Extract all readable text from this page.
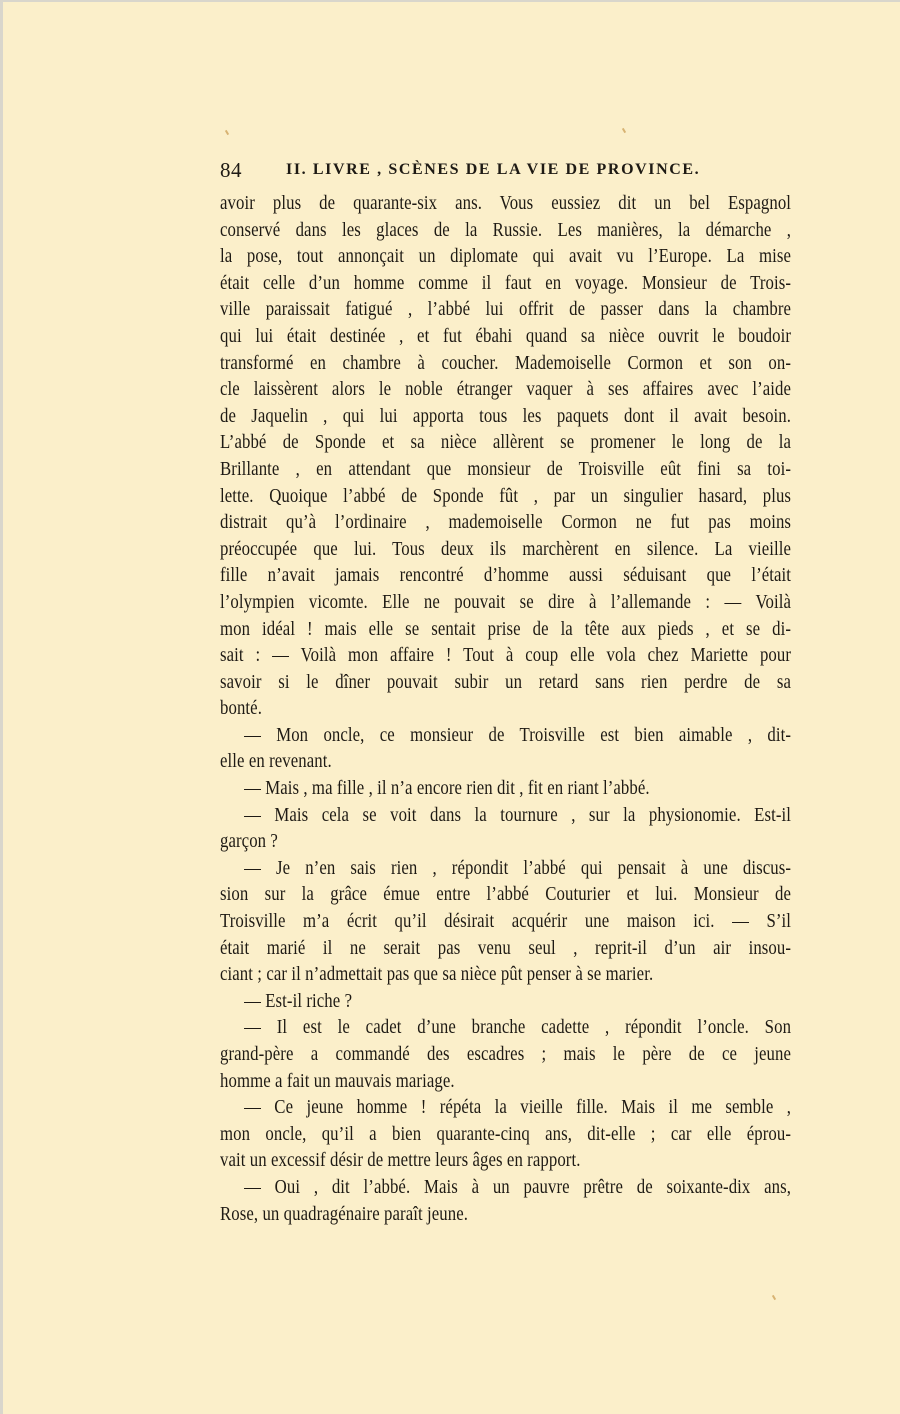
84	II. LIVRE , SCÈNES DE LA VIE DE PROVINCE.
avoir plus de quarante-six ans. Vous eussiez dit un bel Espagnol
conservé dans les glaces de la Russie. Les manières, la démarche ,
la pose, tout annonçait un diplomate qui avait vu l’Europe. La mise
était celle d’un homme comme il faut en voyage. Monsieur de Trois-
ville paraissait fatigué , l’abbé lui offrit de passer dans la chambre
qui lui était destinée , et fut ébahi quand sa nièce ouvrit le boudoir
transformé en chambre à coucher. Mademoiselle Cormon et son on-
cle laissèrent alors le noble étranger vaquer à ses affaires avec l’aide
de Jaquelin , qui lui apporta tous les paquets dont il avait besoin.
L’abbé de Sponde et sa nièce allèrent se promener le long de la
Brillante , en attendant que monsieur de Troisville eût fini sa toi-
lette. Quoique l’abbé de Sponde fût , par un singulier hasard, plus
distrait qu’à l’ordinaire , mademoiselle Cormon ne fut pas moins
préoccupée que lui. Tous deux ils marchèrent en silence. La vieille
fille n’avait jamais rencontré d’homme aussi séduisant que l’était
l’olympien vicomte. Elle ne pouvait se dire à l’allemande : — Voilà
mon idéal ! mais elle se sentait prise de la tête aux pieds , et se di-
sait : — Voilà mon affaire ! Tout à coup elle vola chez Mariette pour
savoir si le dîner pouvait subir un retard sans rien perdre de sa
bonté.
— Mon oncle, ce monsieur de Troisville est bien aimable , dit-
elle en revenant.
— Mais , ma fille , il n’a encore rien dit , fit en riant l’abbé.
— Mais cela se voit dans la tournure , sur la physionomie. Est-il
garçon ?
— Je n’en sais rien , répondit l’abbé qui pensait à une discus-
sion sur la grâce émue entre l’abbé Couturier et lui. Monsieur de
Troisville m’a écrit qu’il désirait acquérir une maison ici. — S’il
était marié il ne serait pas venu seul , reprit-il d’un air insou-
ciant ; car il n’admettait pas que sa nièce pût penser à se marier.
— Est-il riche ?
— Il est le cadet d’une branche cadette , répondit l’oncle. Son
grand-père a commandé des escadres ; mais le père de ce jeune
homme a fait un mauvais mariage.
— Ce jeune homme ! répéta la vieille fille. Mais il me semble ,
mon oncle, qu’il a bien quarante-cinq ans, dit-elle ; car elle éprou-
vait un excessif désir de mettre leurs âges en rapport.
— Oui , dit l’abbé. Mais à un pauvre prêtre de soixante-dix ans,
Rose, un quadragénaire paraît jeune.
